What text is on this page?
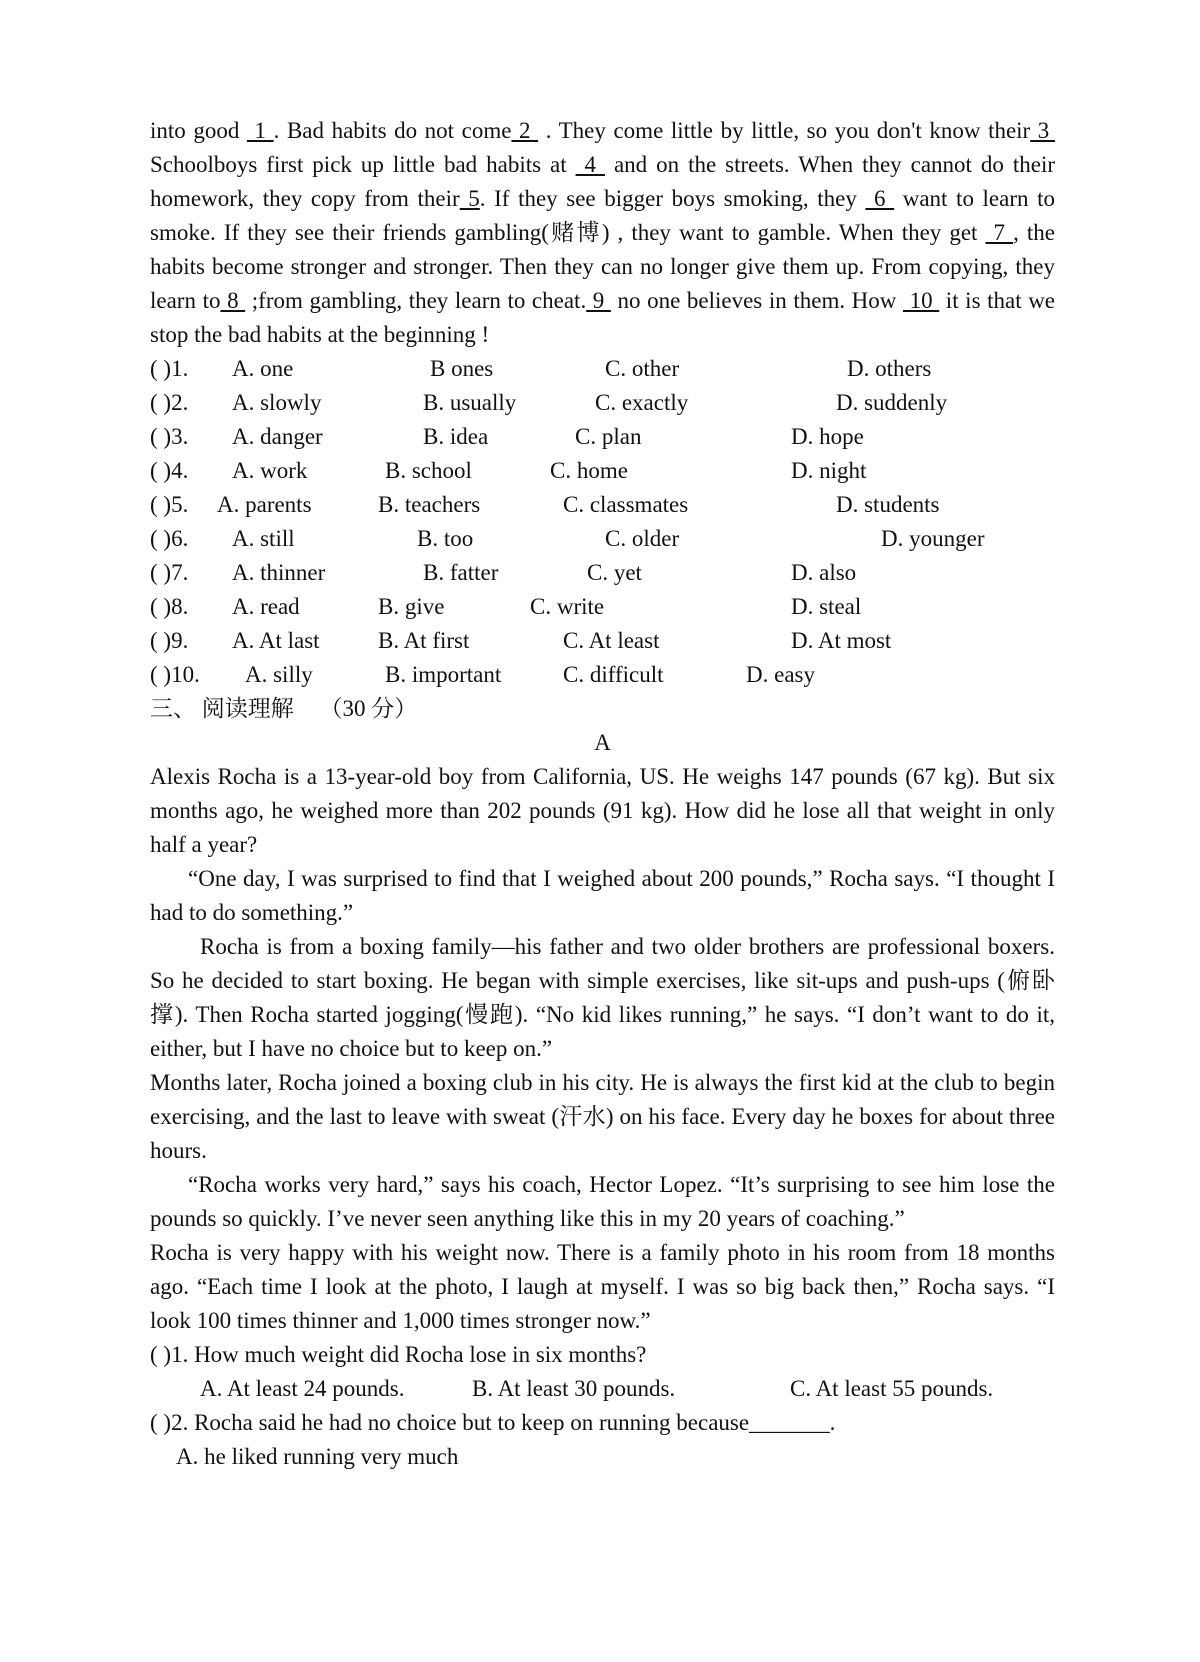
into good  1 . Bad habits do not come 2  . They come little by little, so you don't know their 3  Schoolboys first pick up little bad habits at  4  and on the streets. When they cannot do their homework, they copy from their 5. If they see bigger boys smoking, they  6  want to learn to smoke. If they see their friends gambling(赌博) , they want to gamble. When they get  7 , the habits become stronger and stronger. Then they can no longer give them up. From copying, they learn to 8  ;from gambling, they learn to cheat. 9  no one believes in them. How  10  it is that we stop the bad habits at the beginning !

( )1. A. one	B ones	C. other	D. others
( )2. A. slowly	B. usually	C. exactly	D. suddenly
( )3. A. danger	B. idea	C. plan	D. hope
( )4. A. work	B. school	C. home	D. night
( )5. A. parents	B. teachers	C. classmates	D. students
( )6. A. still	B. too	C. older	D. younger
( )7. A. thinner	B. fatter	C. yet	D. also
( )8. A. read	B. give	C. write	D. steal
( )9. A. At last	B. At first	C. At least	D. At most
( )10. A. silly	B. important	C. difficult	D. easy
三、 阅读理解 （30 分）
A

Alexis Rocha is a 13-year-old boy from California, US. He weighs 147 pounds (67 kg). But six months ago, he weighed more than 202 pounds (91 kg). How did he lose all that weight in only half a year?

“One day, I was surprised to find that I weighed about 200 pounds,” Rocha says. “I thought I had to do something.”

Rocha is from a boxing family—his father and two older brothers are professional boxers. So he decided to start boxing. He began with simple exercises, like sit-ups and push-ups (俯卧撑). Then Rocha started jogging(慢跑). “No kid likes running,” he says. “I don’t want to do it, either, but I have no choice but to keep on.”

Months later, Rocha joined a boxing club in his city. He is always the first kid at the club to begin exercising, and the last to leave with sweat (汗水) on his face. Every day he boxes for about three hours.

“Rocha works very hard,” says his coach, Hector Lopez. “It’s surprising to see him lose the pounds so quickly. I’ve never seen anything like this in my 20 years of coaching.”

Rocha is very happy with his weight now. There is a family photo in his room from 18 months ago. “Each time I look at the photo, I laugh at myself. I was so big back then,” Rocha says. “I look 100 times thinner and 1,000 times stronger now.”

( )1. How much weight did Rocha lose in six months?
A. At least 24 pounds.	B. At least 30 pounds.	C. At least 55 pounds.
( )2. Rocha said he had no choice but to keep on running because_______.
A. he liked running very much
